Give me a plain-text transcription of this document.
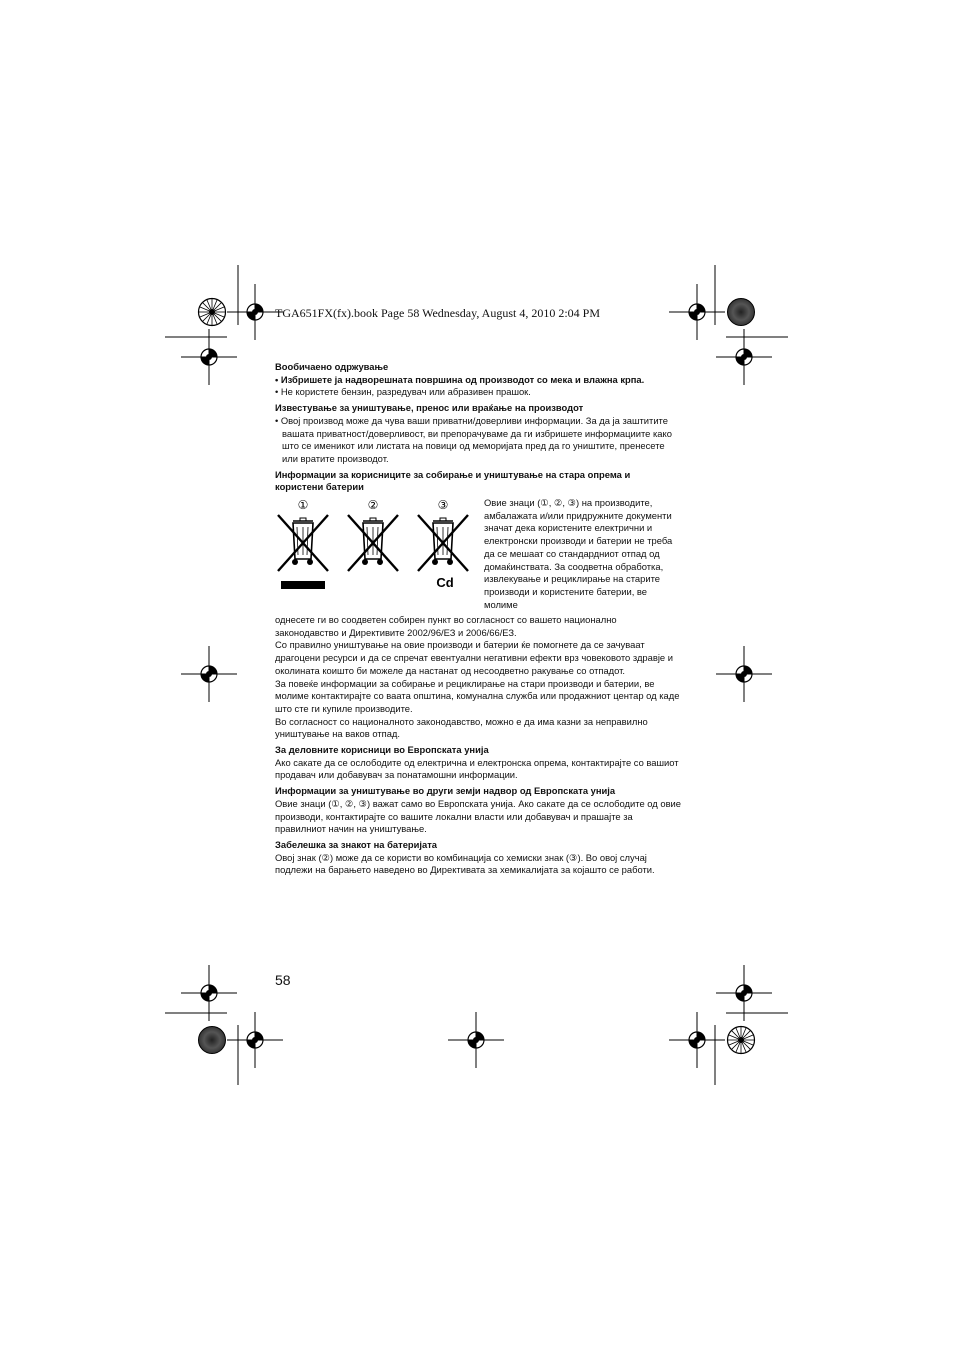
TGA651FX(fx).book Page 58 Wednesday, August 4, 2010 2:04 PM

Вообичаено одржување

• Избришете ја надворешната површина од производот со мека и влажна крпа.

• Не користете бензин, разредувач или абразивен прашок.

Известување за уништување, пренос или враќање на производот

• Овој производ може да чува ваши приватни/доверливи информации. За да ја заштитите вашата приватност/доверливост, ви препорачуваме да ги избришете информациите како што се именикот или листата на повици од меморијата пред да го уништите, пренесете или вратите производот.

Информации за корисниците за собирање и уништување на стара опрема и користени батерии

①	②	③
Cd

Овие знаци (①, ②, ③) на производите, амбалажата и/или придружните документи значат дека користените електрични и електронски производи и батерии не треба да се мешаат со стандардниот отпад од домаќинствата. За соодветна обработка, извлекување и рециклирање на старите производи и користените батерии, ве молиме

однесете ги во соодветен собирен пункт во согласност со вашето национално законодавство и Директивите 2002/96/ЕЗ и 2006/66/ЕЗ.

Со правилно уништување на овие производи и батерии ќе помогнете да се зачуваат драгоцени ресурси и да се спречат евентуални негативни ефекти врз човековото здравје и околината коишто би можеле да настанат од несоодветно ракување со отпадот.

За повеќе информации за собирање и рециклирање на стари производи и батерии, ве молиме контактирајте со ваата општина, комунална служба или продажниот центар од каде што сте ги купиле производите.

Во согласност со националното законодавство, можно е да има казни за неправилно уништување на ваков отпад.

За деловните корисници во Европската унија

Ако сакате да се ослободите од електрична и електронска опрема, контактирајте со вашиот продавач или добавувач за понатамошни информации.

Информации за уништување во други земји надвор од Европската унија

Овие знаци (①, ②, ③) важат само во Европската унија. Ако сакате да се ослободите од овие производи, контактирајте со вашите локални власти или добавувач и прашајте за правилниот начин на уништување.

Забелешка за знакот на батеријата

Овој знак (②) може да се користи во комбинација со хемиски знак (③). Во овој случај подлежи на барањето наведено во Директивата за хемикалијата за којашто се работи.

58
